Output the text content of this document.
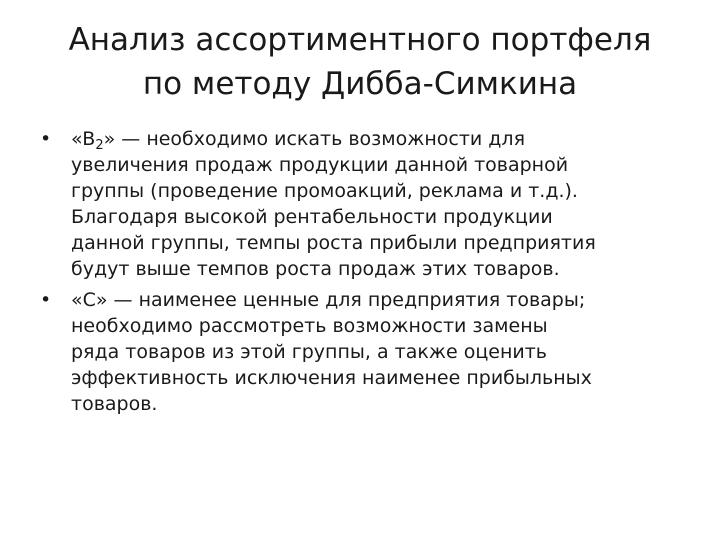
Анализ ассортиментного портфеля
по методу Дибба-Симкина
•	«$B_2$» — необходимо искать возможности для
увеличения продаж продукции данной товарной
группы (проведение промоакций, реклама и т.д.).
Благодаря высокой рентабельности продукции
данной группы, темпы роста прибыли предприятия
будут выше темпов роста продаж этих товаров.
•	«С» — наименее ценные для предприятия товары;
необходимо рассмотреть возможности замены
ряда товаров из этой группы, а также оценить
эффективность исключения наименее прибыльных
товаров.
